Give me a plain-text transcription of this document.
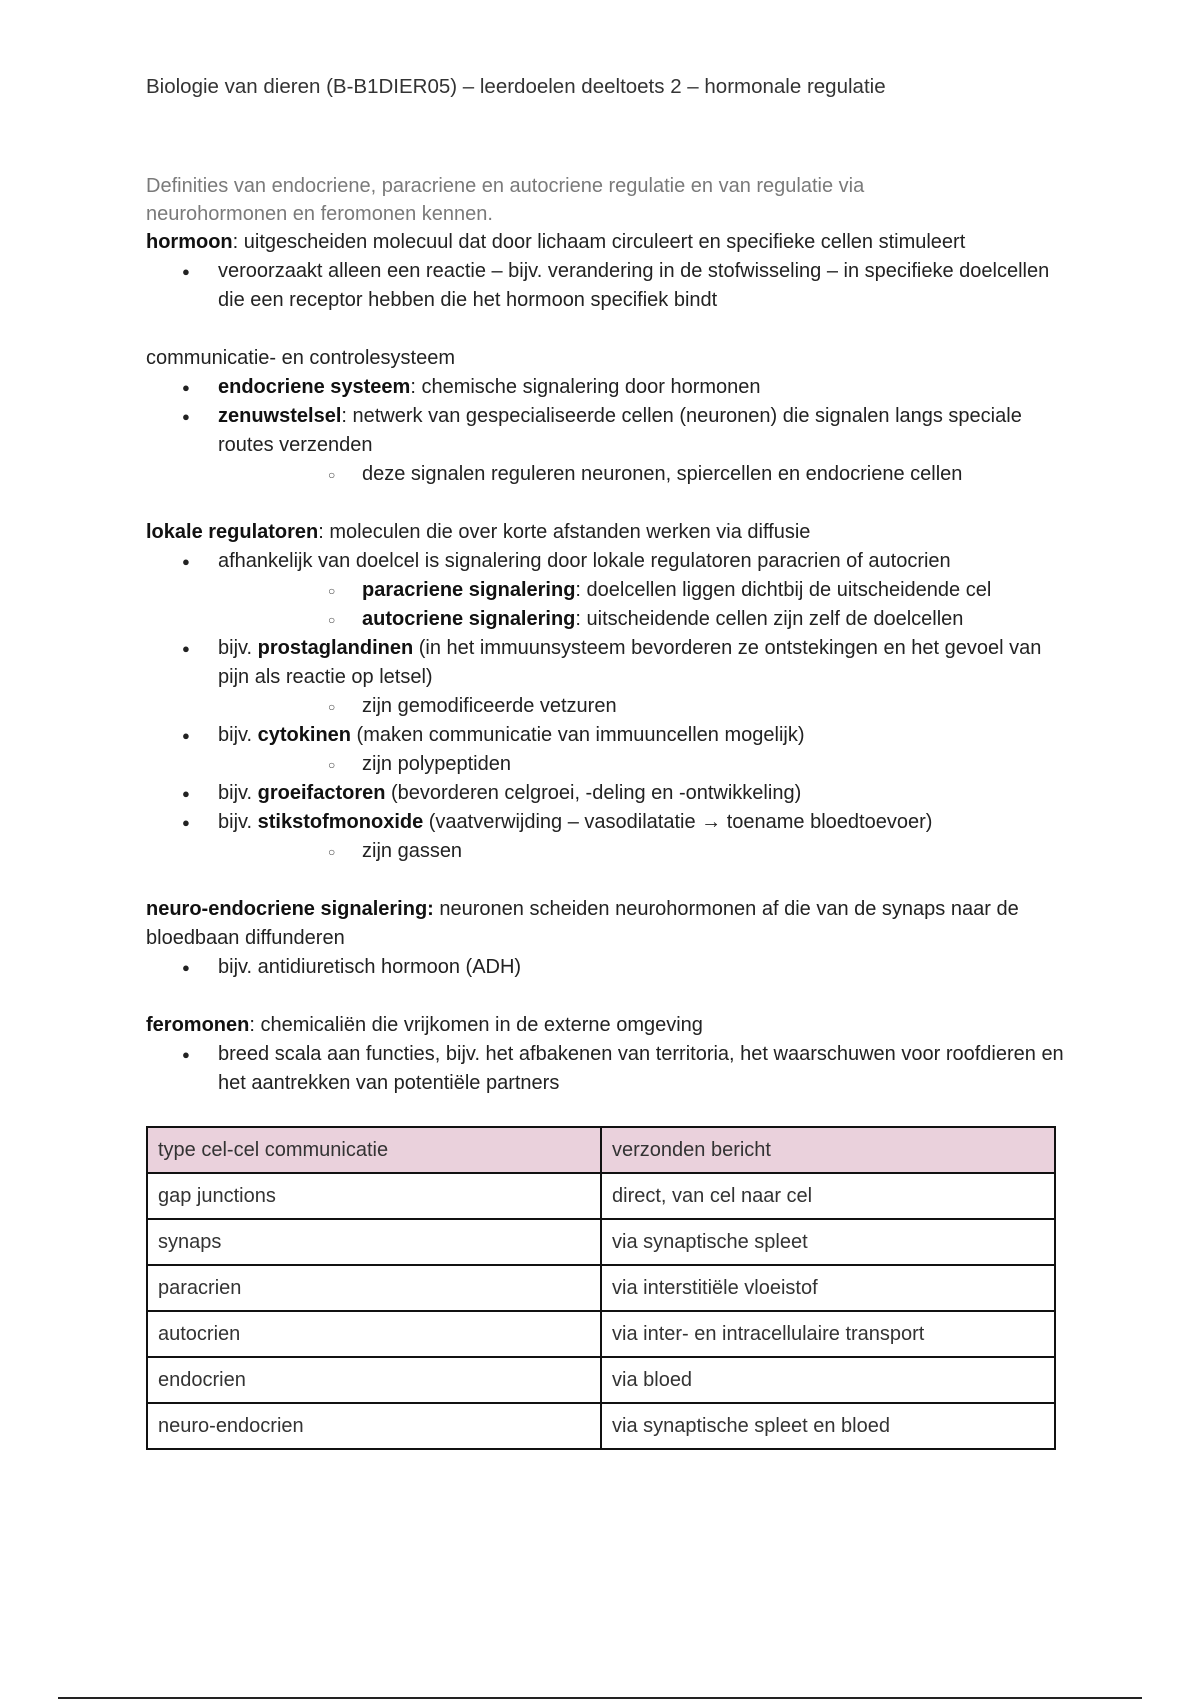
Biologie van dieren (B-B1DIER05) – leerdoelen deeltoets 2 – hormonale regulatie

Definities van endocriene, paracriene en autocriene regulatie en van regulatie via neurohormonen en feromonen kennen.

hormoon: uitgescheiden molecuul dat door lichaam circuleert en specifieke cellen stimuleert

● veroorzaakt alleen een reactie – bijv. verandering in de stofwisseling – in specifieke doelcellen die een receptor hebben die het hormoon specifiek bindt

communicatie- en controlesysteem

● endocriene systeem: chemische signalering door hormonen
● zenuwstelsel: netwerk van gespecialiseerde cellen (neuronen) die signalen langs speciale routes verzenden
○ deze signalen reguleren neuronen, spiercellen en endocriene cellen

lokale regulatoren: moleculen die over korte afstanden werken via diffusie

● afhankelijk van doelcel is signalering door lokale regulatoren paracrien of autocrien
○ paracriene signalering: doelcellen liggen dichtbij de uitscheidende cel
○ autocriene signalering: uitscheidende cellen zijn zelf de doelcellen
● bijv. prostaglandinen (in het immuunsysteem bevorderen ze ontstekingen en het gevoel van pijn als reactie op letsel)
○ zijn gemodificeerde vetzuren
● bijv. cytokinen (maken communicatie van immuuncellen mogelijk)
○ zijn polypeptiden
● bijv. groeifactoren (bevorderen celgroei, -deling en -ontwikkeling)
● bijv. stikstofmonoxide (vaatverwijding – vasodilatatie → toename bloedtoevoer)
○ zijn gassen

neuro-endocriene signalering: neuronen scheiden neurohormonen af die van de synaps naar de bloedbaan diffunderen

● bijv. antidiuretisch hormoon (ADH)

feromonen: chemicaliën die vrijkomen in de externe omgeving

● breed scala aan functies, bijv. het afbakenen van territoria, het waarschuwen voor roofdieren en het aantrekken van potentiële partners
type cel-cel communicatie	verzonden bericht
gap junctions	direct, van cel naar cel
synaps	via synaptische spleet
paracrien	via interstitiële vloeistof
autocrien	via inter- en intracellulaire transport
endocrien	via bloed
neuro-endocrien	via synaptische spleet en bloed
